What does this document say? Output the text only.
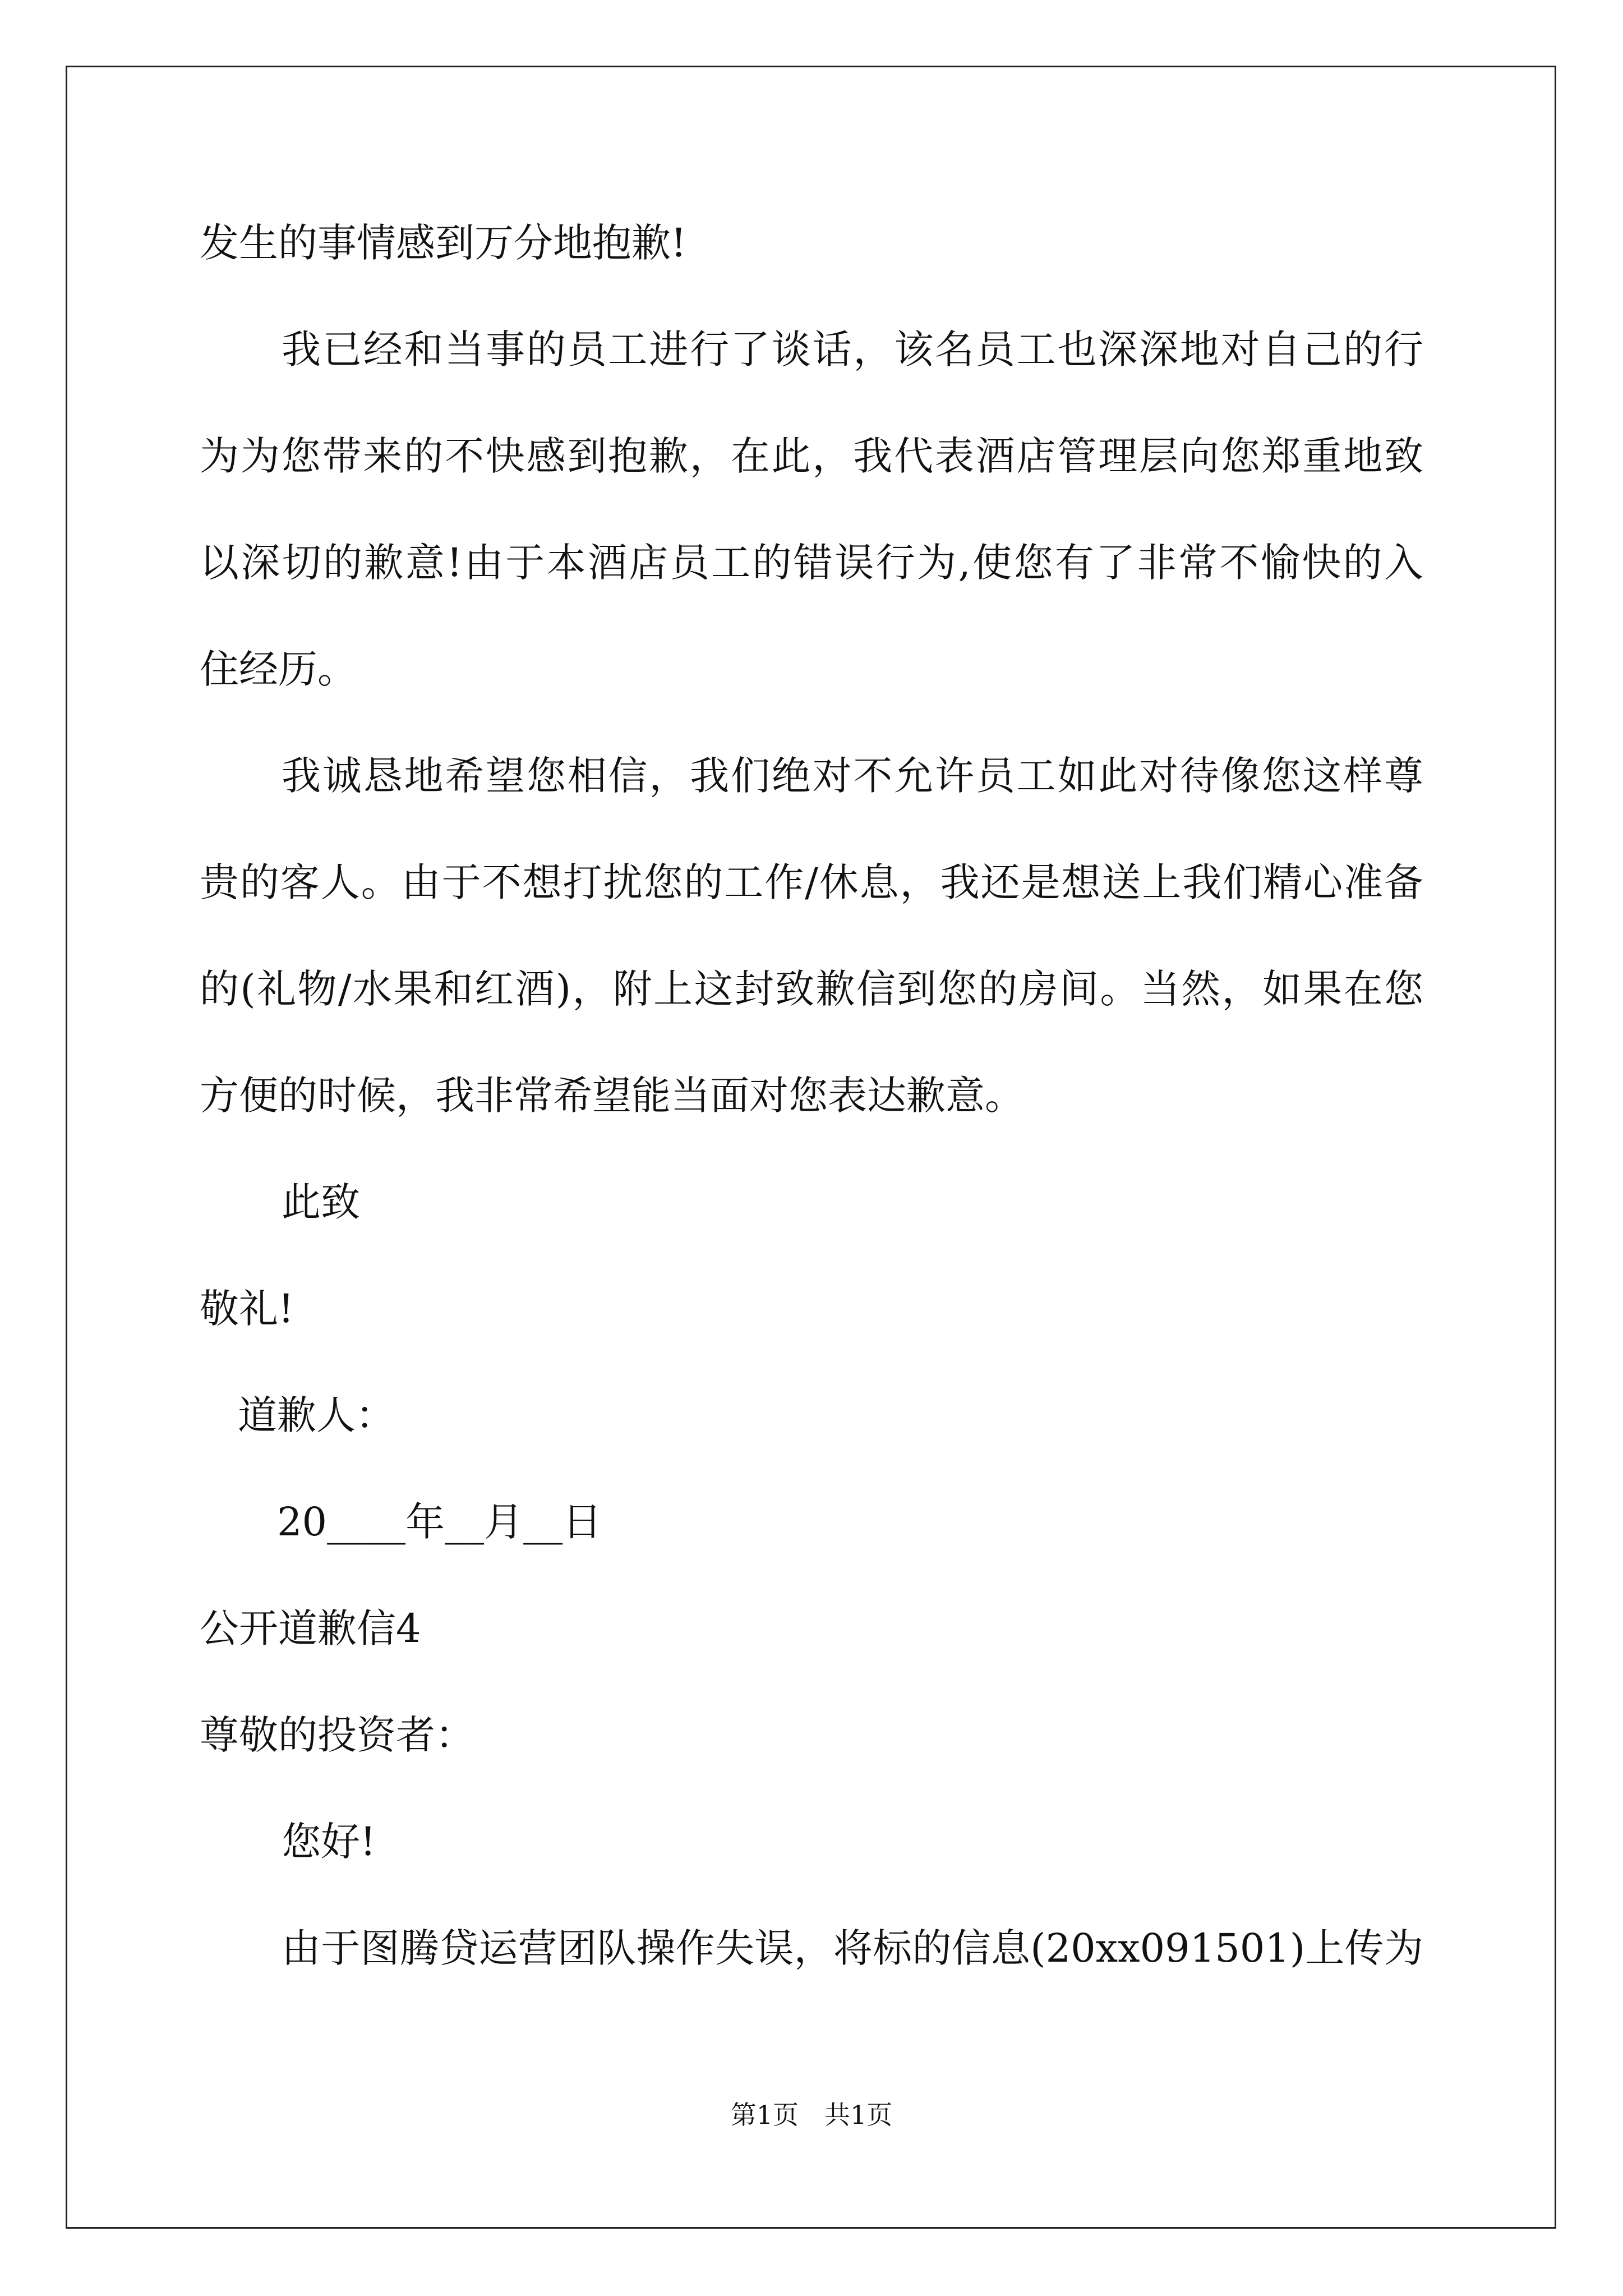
发生的事情感到万分地抱歉!
我已经和当事的员工进行了谈话，该名员工也深深地对自己的行
为为您带来的不快感到抱歉，在此，我代表酒店管理层向您郑重地致
以深切的歉意!由于本酒店员工的错误行为,使您有了非常不愉快的入
住经历。
我诚恳地希望您相信，我们绝对不允许员工如此对待像您这样尊
贵的客人。由于不想打扰您的工作/休息，我还是想送上我们精心准备
的(礼物/水果和红酒)，附上这封致歉信到您的房间。当然，如果在您
方便的时候，我非常希望能当面对您表达歉意。
此致
敬礼!
道歉人：
20____年__月__日
公开道歉信4
尊敬的投资者：
您好!
由于图腾贷运营团队操作失误，将标的信息(20xx091501)上传为
第1页　共1页
